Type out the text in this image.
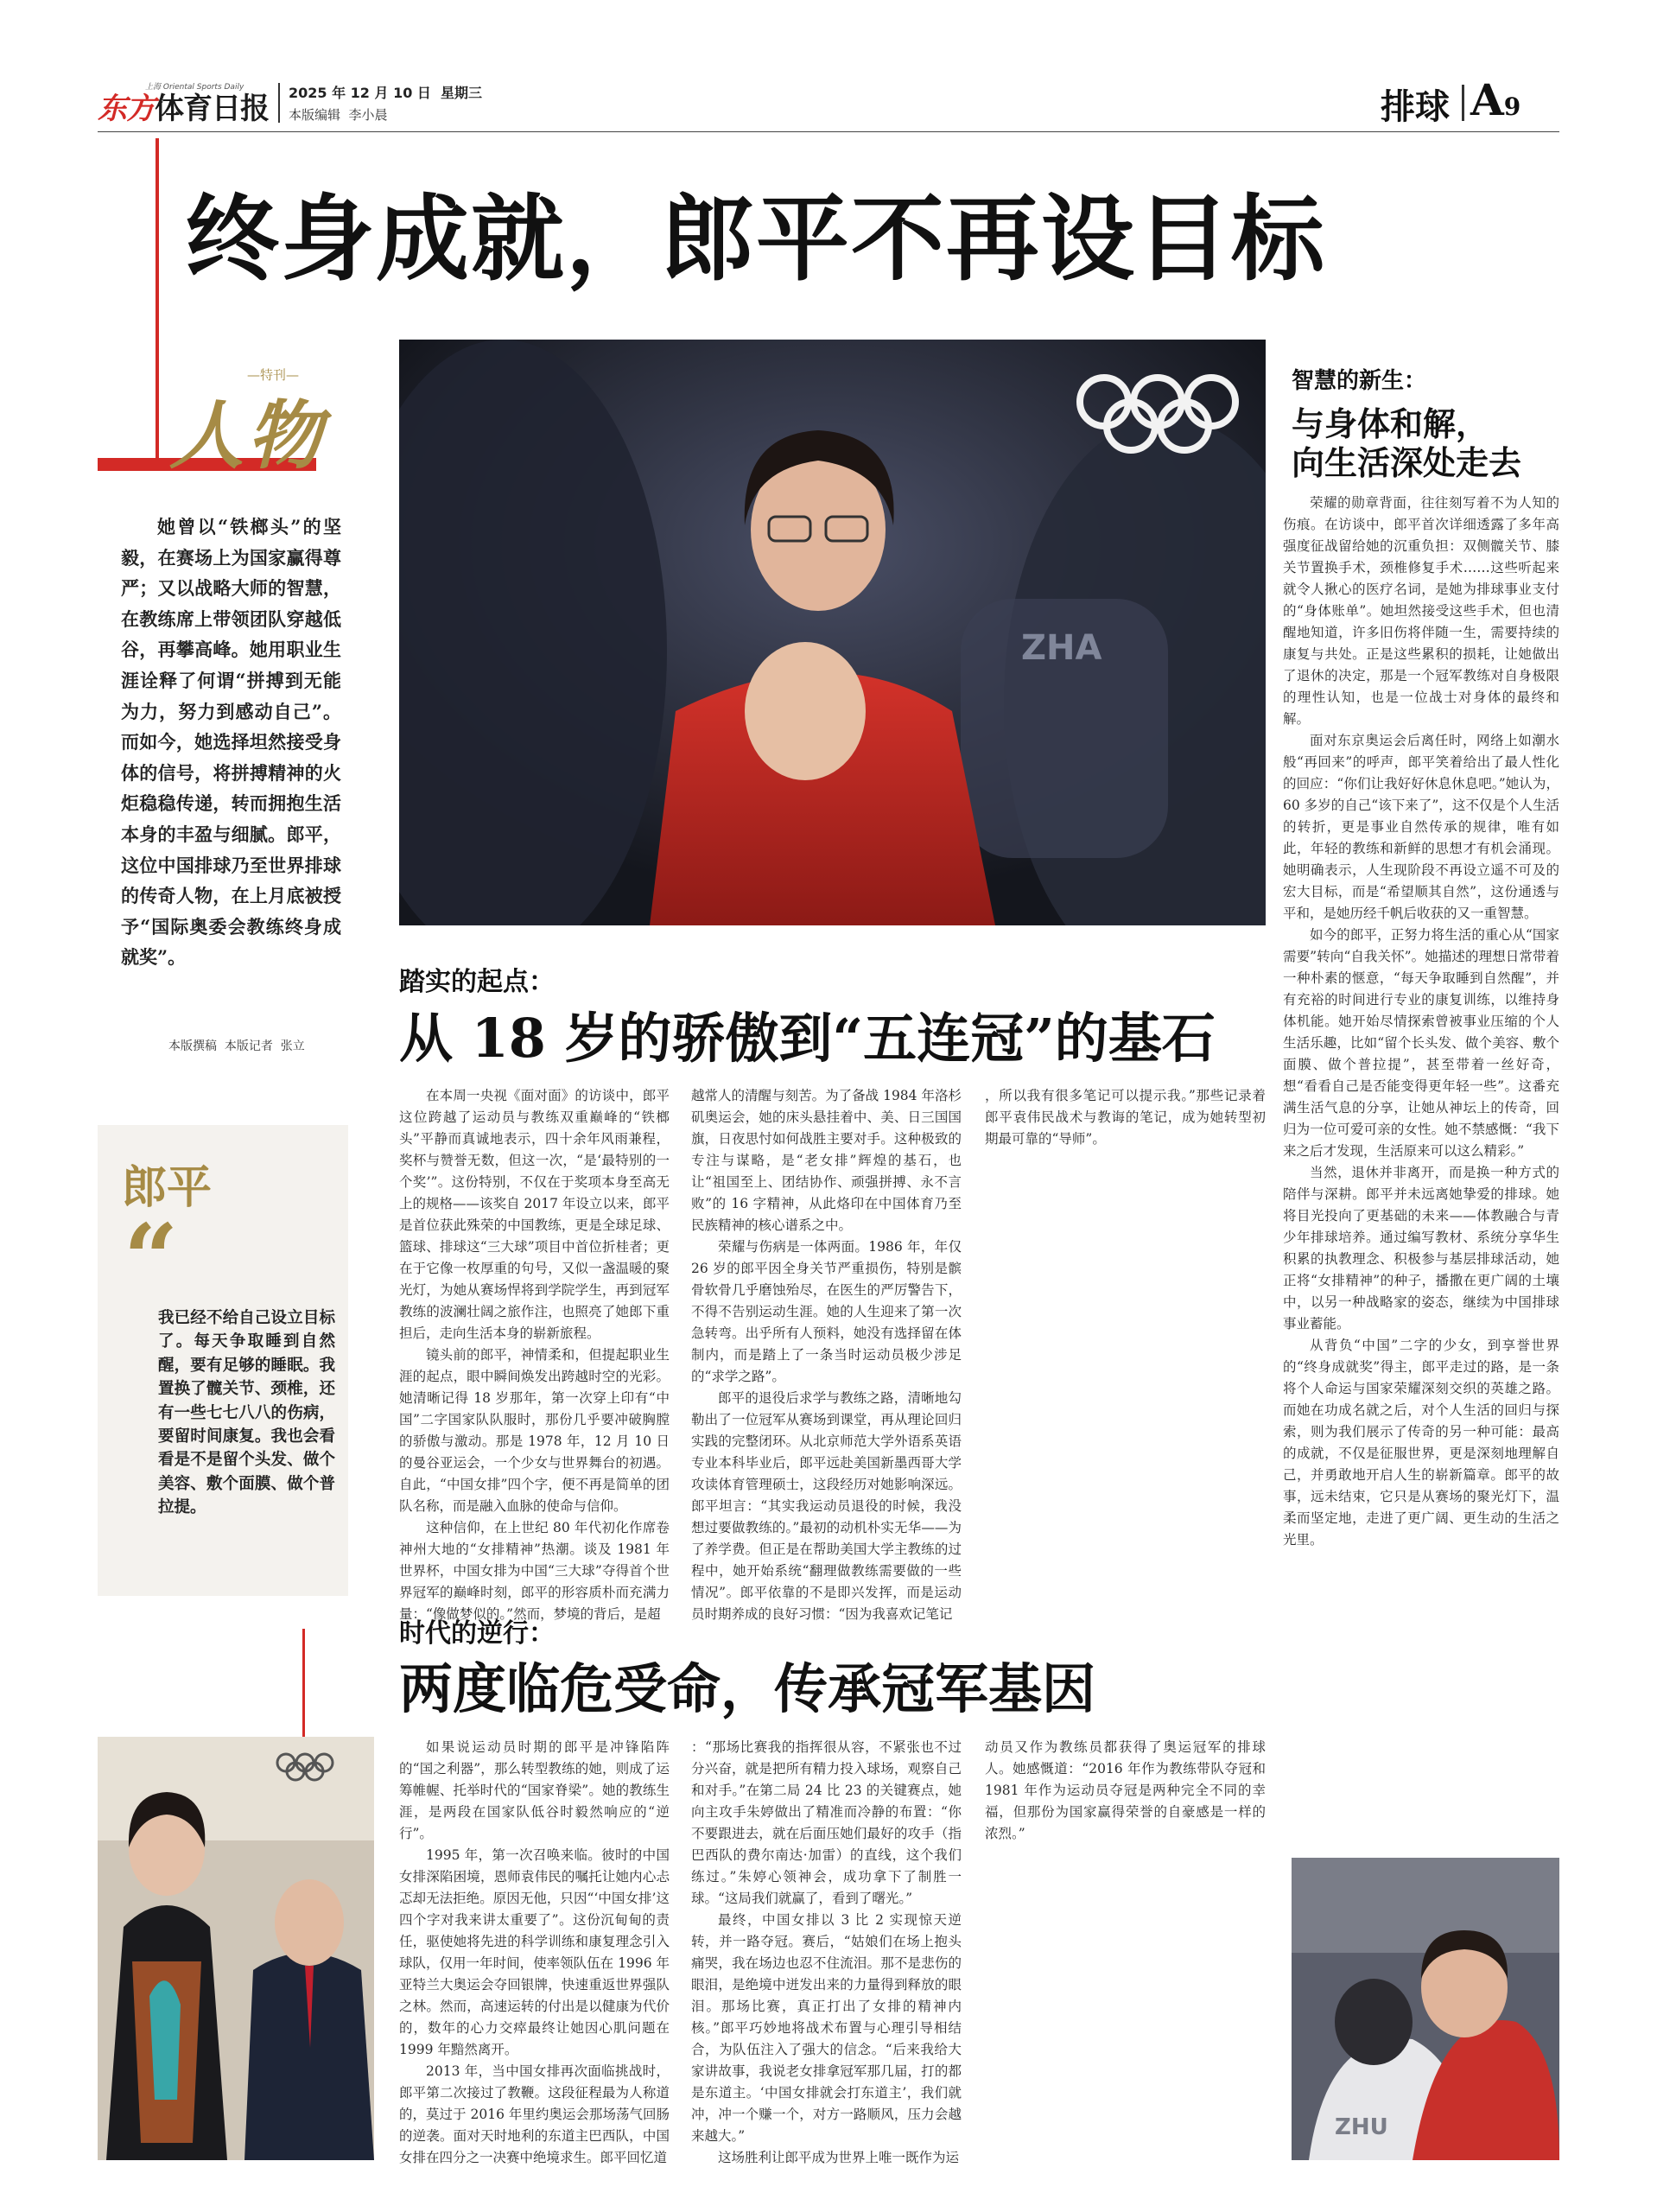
上海 Oriental Sports Daily
东方体育日报 2025 年 12 月 10 日  星期三
本版编辑  李小晨	排球 A9
终身成就，郎平不再设目标
—特刊—
人物
她曾以“铁榔头”的坚毅，在赛场上为国家赢得尊严；又以战略大师的智慧，在教练席上带领团队穿越低谷，再攀高峰。她用职业生涯诠释了何谓“拼搏到无能为力，努力到感动自己”。而如今，她选择坦然接受身体的信号，将拼搏精神的火炬稳稳传递，转而拥抱生活本身的丰盈与细腻。郎平，这位中国排球乃至世界排球的传奇人物，在上月底被授予“国际奥委会教练终身成就奖”。
本版撰稿  本版记者  张立
郎平
“
我已经不给自己设立目标了。每天争取睡到自然醒，要有足够的睡眠。我置换了髋关节、颈椎，还有一些七七八八的伤病，要留时间康复。我也会看看是不是留个头发、做个美容、敷个面膜、做个普拉提。
ZHA
踏实的起点：
从 18 岁的骄傲到“五连冠”的基石
在本周一央视《面对面》的访谈中，郎平这位跨越了运动员与教练双重巅峰的“铁榔头”平静而真诚地表示，四十余年风雨兼程，奖杯与赞誉无数，但这一次，“是‘最特别的一个奖’”。这份特别，不仅在于奖项本身至高无上的规格——该奖自 2017 年设立以来，郎平是首位获此殊荣的中国教练，更是全球足球、篮球、排球这“三大球”项目中首位折桂者；更在于它像一枚厚重的句号，又似一盏温暖的聚光灯，为她从赛场悍将到学院学生，再到冠军教练的波澜壮阔之旅作注，也照亮了她郎下重担后，走向生活本身的崭新旅程。
镜头前的郎平，神情柔和，但提起职业生涯的起点，眼中瞬间焕发出跨越时空的光彩。她清晰记得 18 岁那年，第一次穿上印有“中国”二字国家队队服时，那份几乎要冲破胸膛的骄傲与激动。那是 1978 年，12 月 10 日的曼谷亚运会，一个少女与世界舞台的初遇。自此，“中国女排”四个字，便不再是简单的团队名称，而是融入血脉的使命与信仰。
这种信仰，在上世纪 80 年代初化作席卷神州大地的“女排精神”热潮。谈及 1981 年世界杯，中国女排为中国“三大球”夺得首个世界冠军的巅峰时刻，郎平的形容质朴而充满力量：“像做梦似的。”然而，梦境的背后，是超
越常人的清醒与刻苦。为了备战 1984 年洛杉矶奥运会，她的床头悬挂着中、美、日三国国旗，日夜思忖如何战胜主要对手。这种极致的专注与谋略，是“老女排”辉煌的基石，也让“祖国至上、团结协作、顽强拼搏、永不言败”的 16 字精神，从此烙印在中国体育乃至民族精神的核心谱系之中。
荣耀与伤病是一体两面。1986 年，年仅 26 岁的郎平因全身关节严重损伤，特别是髌骨软骨几乎磨蚀殆尽，在医生的严厉警告下，不得不告别运动生涯。她的人生迎来了第一次急转弯。出乎所有人预料，她没有选择留在体制内，而是踏上了一条当时运动员极少涉足的“求学之路”。
郎平的退役后求学与教练之路，清晰地勾勒出了一位冠军从赛场到课堂，再从理论回归实践的完整闭环。从北京师范大学外语系英语专业本科毕业后，郎平远赴美国新墨西哥大学攻读体育管理硕士，这段经历对她影响深远。郎平坦言：“其实我运动员退役的时候，我没想过要做教练的。”最初的动机朴实无华——为了养学费。但正是在帮助美国大学主教练的过程中，她开始系统“翻理做教练需要做的一些情况”。郎平依靠的不是即兴发挥，而是运动员时期养成的良好习惯：“因为我喜欢记笔记
，所以我有很多笔记可以提示我。”那些记录着郎平袁伟民战术与教诲的笔记，成为她转型初期最可靠的“导师”。
时代的逆行：
两度临危受命，传承冠军基因
如果说运动员时期的郎平是冲锋陷阵的“国之利器”，那么转型教练的她，则成了运筹帷幄、托举时代的“国家脊梁”。她的教练生涯，是两段在国家队低谷时毅然响应的“逆行”。
1995 年，第一次召唤来临。彼时的中国女排深陷困境，恩师袁伟民的嘱托让她内心忐忑却无法拒绝。原因无他，只因“‘中国女排’这四个字对我来讲太重要了”。这份沉甸甸的责任，驱使她将先进的科学训练和康复理念引入球队，仅用一年时间，使率领队伍在 1996 年亚特兰大奥运会夺回银牌，快速重返世界强队之林。然而，高速运转的付出是以健康为代价的，数年的心力交瘁最终让她因心肌问题在 1999 年黯然离开。
2013 年，当中国女排再次面临挑战时，郎平第二次接过了教鞭。这段征程最为人称道的，莫过于 2016 年里约奥运会那场荡气回肠的逆袭。面对天时地利的东道主巴西队，中国女排在四分之一决赛中绝境求生。郎平回忆道
：“那场比赛我的指挥很从容，不紧张也不过分兴奋，就是把所有精力投入球场，观察自己和对手。”在第二局 24 比 23 的关键赛点，她向主攻手朱婷做出了精准而冷静的布置：“你不要跟进去，就在后面压她们最好的攻手（指巴西队的费尔南达·加雷）的直线，这个我们练过。”朱婷心领神会，成功拿下了制胜一球。“这局我们就赢了，看到了曙光。”
最终，中国女排以 3 比 2 实现惊天逆转，并一路夺冠。赛后，“姑娘们在场上抱头痛哭，我在场边也忍不住流泪。那不是悲伤的眼泪，是绝境中迸发出来的力量得到释放的眼泪。那场比赛，真正打出了女排的精神内核。”郎平巧妙地将战术布置与心理引导相结合，为队伍注入了强大的信念。“后来我给大家讲故事，我说老女排拿冠军那几届，打的都是东道主。‘中国女排就会打东道主’，我们就冲，冲一个赚一个，对方一路顺风，压力会越来越大。”
这场胜利让郎平成为世界上唯一既作为运
动员又作为教练员都获得了奥运冠军的排球人。她感慨道：“2016 年作为教练带队夺冠和 1981 年作为运动员夺冠是两种完全不同的幸福，但那份为国家赢得荣誉的自豪感是一样的浓烈。”
智慧的新生：
与身体和解，
向生活深处走去
荣耀的勋章背面，往往刻写着不为人知的伤痕。在访谈中，郎平首次详细透露了多年高强度征战留给她的沉重负担：双侧髋关节、膝关节置换手术，颈椎修复手术……这些听起来就令人揪心的医疗名词，是她为排球事业支付的“身体账单”。她坦然接受这些手术，但也清醒地知道，许多旧伤将伴随一生，需要持续的康复与共处。正是这些累积的损耗，让她做出了退休的决定，那是一个冠军教练对自身极限的理性认知，也是一位战士对身体的最终和解。
面对东京奥运会后离任时，网络上如潮水般“再回来”的呼声，郎平笑着给出了最人性化的回应：“你们让我好好休息休息吧。”她认为，60 多岁的自己“该下来了”，这不仅是个人生活的转折，更是事业自然传承的规律，唯有如此，年轻的教练和新鲜的思想才有机会涌现。她明确表示，人生现阶段不再设立遥不可及的宏大目标，而是“希望顺其自然”，这份通透与平和，是她历经千帆后收获的又一重智慧。
如今的郎平，正努力将生活的重心从“国家需要”转向“自我关怀”。她描述的理想日常带着一种朴素的惬意，“每天争取睡到自然醒”，并有充裕的时间进行专业的康复训练，以维持身体机能。她开始尽情探索曾被事业压缩的个人生活乐趣，比如“留个长头发、做个美容、敷个面膜、做个普拉提”，甚至带着一丝好奇，想“看看自己是否能变得更年轻一些”。这番充满生活气息的分享，让她从神坛上的传奇，回归为一位可爱可亲的女性。她不禁感慨：“我下来之后才发现，生活原来可以这么精彩。”
当然，退休并非离开，而是换一种方式的陪伴与深耕。郎平并未远离她挚爱的排球。她将目光投向了更基础的未来——体教融合与青少年排球培养。通过编写教材、系统分享华生积累的执教理念、积极参与基层排球活动，她正将“女排精神”的种子，播撒在更广阔的土壤中，以另一种战略家的姿态，继续为中国排球事业蓄能。
从背负“中国”二字的少女，到享誉世界的“终身成就奖”得主，郎平走过的路，是一条将个人命运与国家荣耀深刻交织的英雄之路。而她在功成名就之后，对个人生活的回归与探索，则为我们展示了传奇的另一种可能：最高的成就，不仅是征服世界，更是深刻地理解自己，并勇敢地开启人生的崭新篇章。郎平的故事，远未结束，它只是从赛场的聚光灯下，温柔而坚定地，走进了更广阔、更生动的生活之光里。
ZHU
